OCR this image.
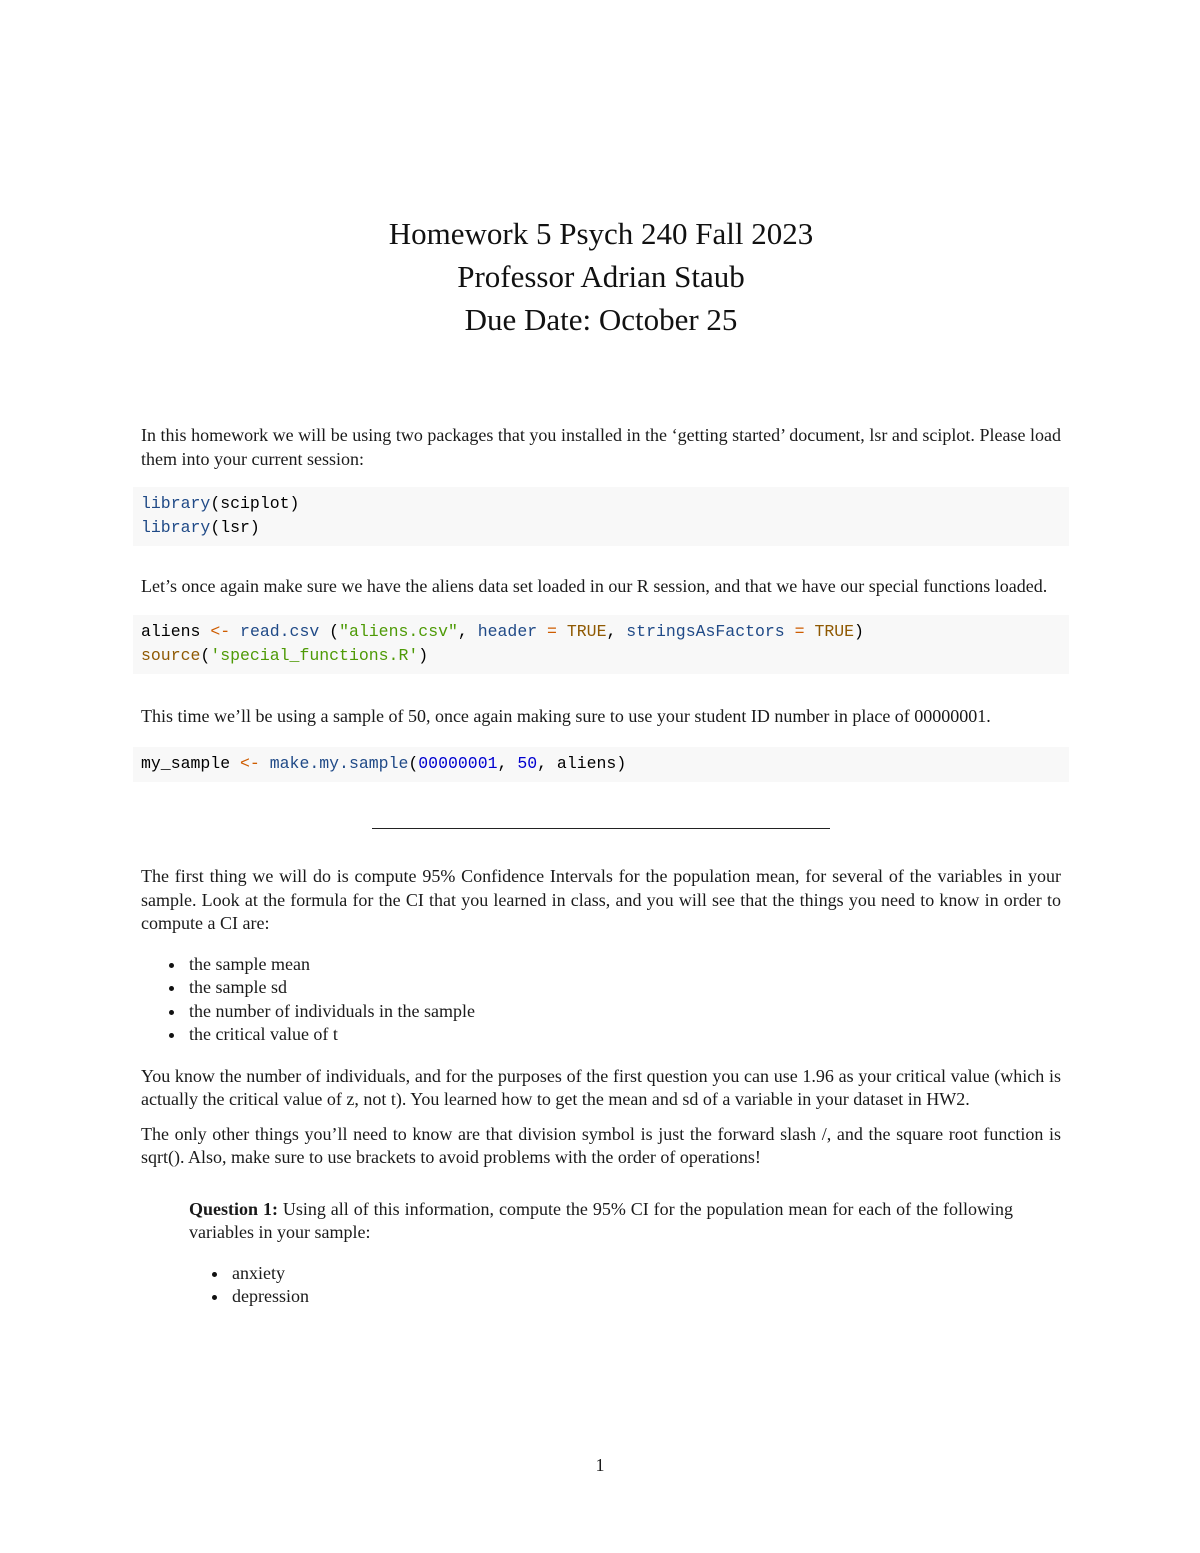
Homework 5 Psych 240 Fall 2023
Professor Adrian Staub
Due Date: October 25

In this homework we will be using two packages that you installed in the ‘getting started’ document, lsr and sciplot. Please load them into your current session:

library(sciplot)
library(lsr)

Let’s once again make sure we have the aliens data set loaded in our R session, and that we have our special functions loaded.

aliens <- read.csv ("aliens.csv", header = TRUE, stringsAsFactors = TRUE)
source('special_functions.R')

This time we’ll be using a sample of 50, once again making sure to use your student ID number in place of 00000001.

my_sample <- make.my.sample(00000001, 50, aliens)

The first thing we will do is compute 95% Confidence Intervals for the population mean, for several of the variables in your sample. Look at the formula for the CI that you learned in class, and you will see that the things you need to know in order to compute a CI are:

the sample mean
the sample sd
the number of individuals in the sample
the critical value of t

You know the number of individuals, and for the purposes of the first question you can use 1.96 as your critical value (which is actually the critical value of z, not t). You learned how to get the mean and sd of a variable in your dataset in HW2.

The only other things you’ll need to know are that division symbol is just the forward slash /, and the square root function is sqrt(). Also, make sure to use brackets to avoid problems with the order of operations!

Question 1: Using all of this information, compute the 95% CI for the population mean for each of the following variables in your sample:

anxiety
depression
1
